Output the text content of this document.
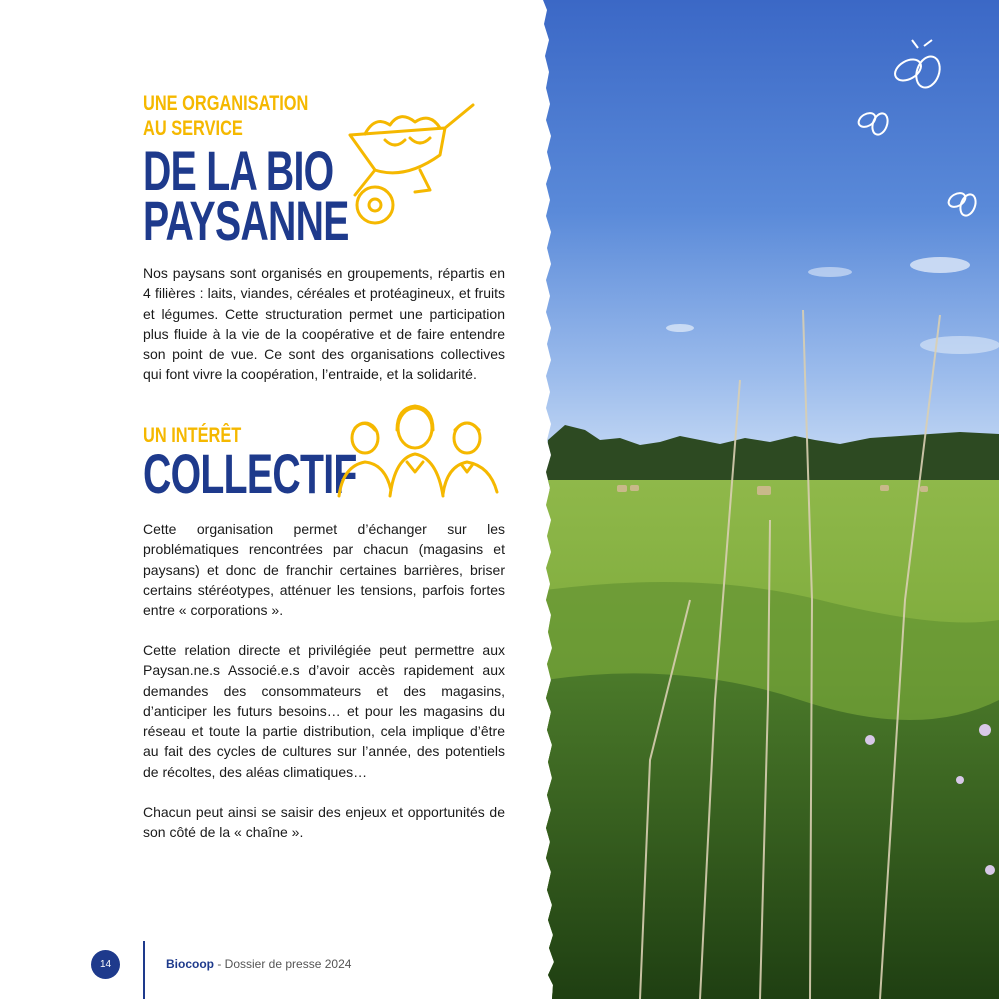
UNE ORGANISATION
AU SERVICE
DE LA BIO
PAYSANNE

Nos paysans sont organisés en groupements, répartis en 4 filières : laits, viandes, céréales et protéagineux, et fruits et légumes. Cette structuration permet une participation plus fluide à la vie de la coopérative et de faire entendre son point de vue. Ce sont des organisations collectives qui font vivre la coopération, l’entraide, et la solidarité.

UN INTÉRÊT
COLLECTIF

Cette organisation permet d’échanger sur les problématiques rencontrées par chacun (magasins et paysans) et donc de franchir certaines barrières, briser certains stéréotypes, atténuer les tensions, parfois fortes entre « corporations ».

Cette relation directe et privilégiée peut permettre aux Paysan.ne.s Associé.e.s d’avoir accès rapidement aux demandes des consommateurs et des magasins, d’anticiper les futurs besoins… et pour les magasins du réseau et toute la partie distribution, cela implique d’être au fait des cycles de cultures sur l’année, des potentiels de récoltes, des aléas climatiques…

Chacun peut ainsi se saisir des enjeux et opportunités de son côté de la « chaîne ».

14	Biocoop - Dossier de presse 2024
